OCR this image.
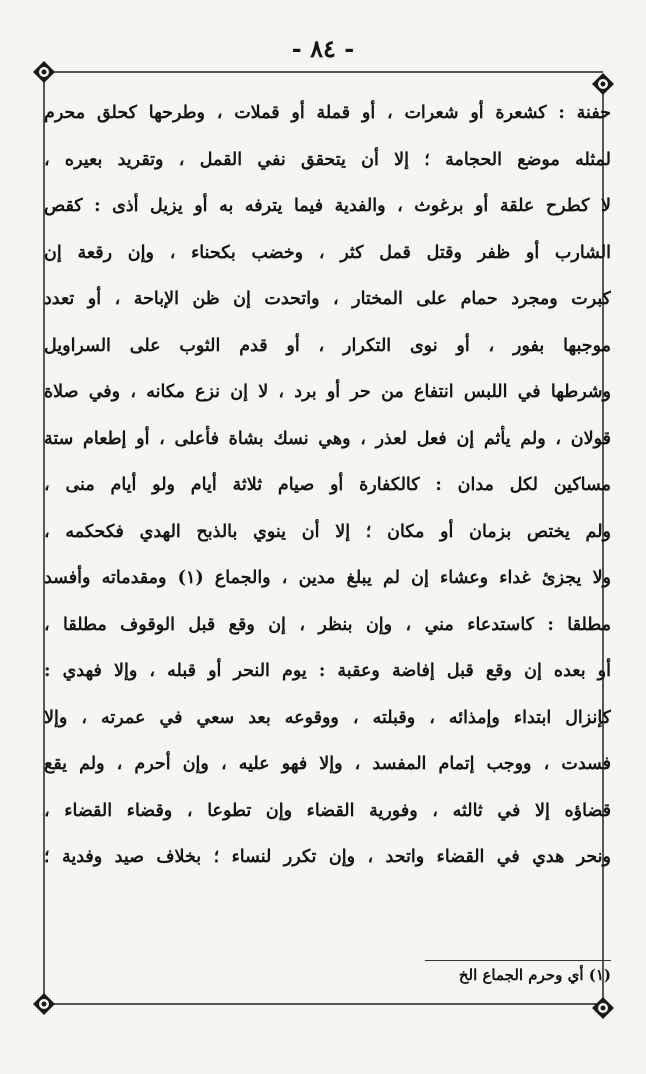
- ٨٤ -
حفنة : كشعرة أو شعرات ، أو قملة أو قملات ، وطرحها كحلق محرم
لمثله موضع الحجامة ؛ إلا أن يتحقق نفي القمل ، وتقريد بعيره ،
لا كطرح علقة أو برغوث ، والفدية فيما يترفه به أو يزيل أذى : كقص
الشارب أو ظفر وقتل قمل كثر ، وخضب بكحناء ، وإن رقعة إن
كبرت ومجرد حمام على المختار ، واتحدت إن ظن الإباحة ، أو تعدد
موجبها بفور ، أو نوى التكرار ، أو قدم الثوب على السراويل
وشرطها في اللبس انتفاع من حر أو برد ، لا إن نزع مكانه ، وفي صلاة
قولان ، ولم يأثم إن فعل لعذر ، وهي نسك بشاة فأعلى ، أو إطعام ستة
مساكين لكل مدان : كالكفارة أو صيام ثلاثة أيام ولو أيام منى ،
ولم يختص بزمان أو مكان ؛ إلا أن ينوي بالذبح الهدي فكحكمه ،
ولا يجزئ غداء وعشاء إن لم يبلغ مدين ، والجماع (١) ومقدماته وأفسد
مطلقا : كاستدعاء مني ، وإن بنظر ، إن وقع قبل الوقوف مطلقا ،
أو بعده إن وقع قبل إفاضة وعقبة : يوم النحر أو قبله ، وإلا فهدي :
كإنزال ابتداء وإمذائه ، وقبلته ، ووقوعه بعد سعي في عمرته ، وإلا
فسدت ، ووجب إتمام المفسد ، وإلا فهو عليه ، وإن أحرم ، ولم يقع
قضاؤه إلا في ثالثه ، وفورية القضاء وإن تطوعا ، وقضاء القضاء ،
ونحر هدي في القضاء واتحد ، وإن تكرر لنساء ؛ بخلاف صيد وفدية ؛
(١) أي وحرم الجماع الخ
